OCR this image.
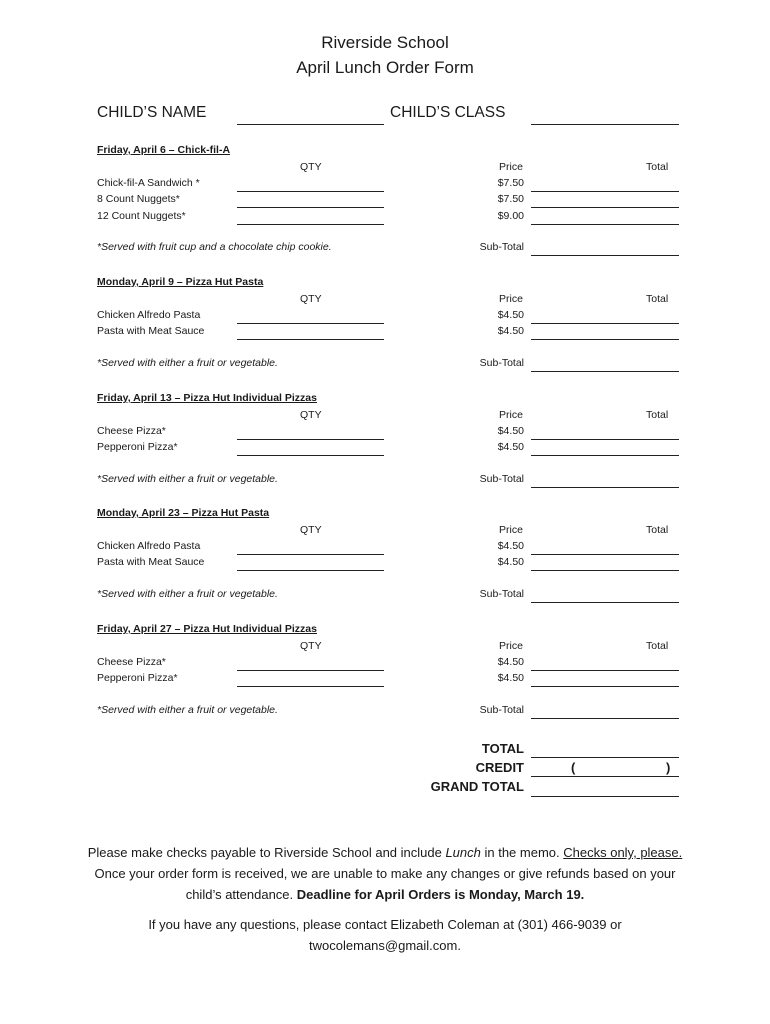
Riverside School
April Lunch Order Form
CHILD’S NAME	CHILD’S CLASS
Friday, April 6 – Chick-fil-A
QTY	Price	Total
Chick-fil-A Sandwich *	$7.50
8 Count Nuggets*	$7.50
12 Count Nuggets*	$9.00
*Served with fruit cup and a chocolate chip cookie.	Sub-Total
Monday, April 9 – Pizza Hut Pasta
QTY	Price	Total
Chicken Alfredo Pasta	$4.50
Pasta with Meat Sauce	$4.50
*Served with either a fruit or vegetable.	Sub-Total
Friday, April 13 – Pizza Hut Individual Pizzas
QTY	Price	Total
Cheese Pizza*	$4.50
Pepperoni Pizza*	$4.50
*Served with either a fruit or vegetable.	Sub-Total
Monday, April 23 – Pizza Hut Pasta
QTY	Price	Total
Chicken Alfredo Pasta	$4.50
Pasta with Meat Sauce	$4.50
*Served with either a fruit or vegetable.	Sub-Total
Friday, April 27 – Pizza Hut Individual Pizzas
QTY	Price	Total
Cheese Pizza*	$4.50
Pepperoni Pizza*	$4.50
*Served with either a fruit or vegetable.	Sub-Total
TOTAL
CREDIT	(	)
GRAND TOTAL
Please make checks payable to Riverside School and include Lunch in the memo. Checks only, please.
Once your order form is received, we are unable to make any changes or give refunds based on your
child’s attendance. Deadline for April Orders is Monday, March 19.
If you have any questions, please contact Elizabeth Coleman at (301) 466-9039 or
twocolemans@gmail.com.
